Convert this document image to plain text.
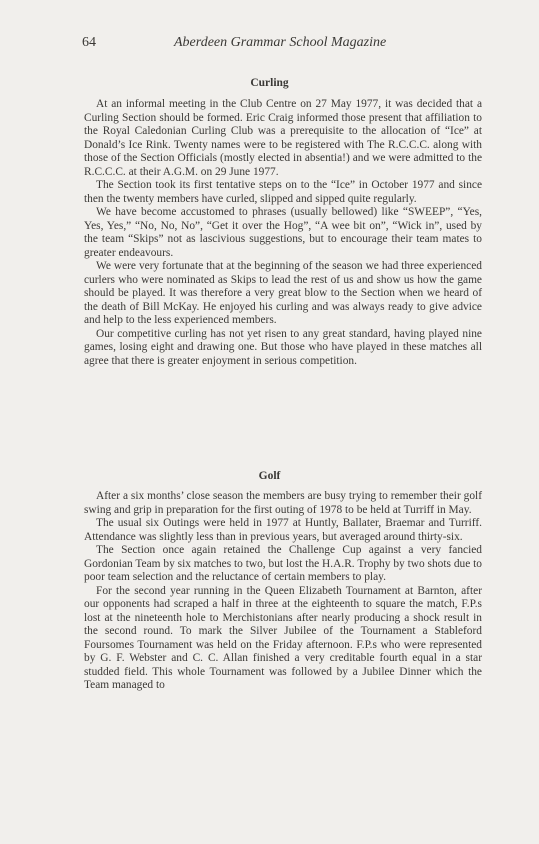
64	Aberdeen Grammar School Magazine
Curling

At an informal meeting in the Club Centre on 27 May 1977, it was decided that a Curling Section should be formed. Eric Craig informed those present that affiliation to the Royal Caledonian Curling Club was a prerequisite to the allocation of “Ice” at Donald’s Ice Rink. Twenty names were to be registered with The R.C.C.C. along with those of the Section Officials (mostly elected in absentia!) and we were admitted to the R.C.C.C. at their A.G.M. on 29 June 1977.

The Section took its first tentative steps on to the “Ice” in October 1977 and since then the twenty members have curled, slipped and sipped quite regularly.

We have become accustomed to phrases (usually bellowed) like “SWEEP”, “Yes, Yes, Yes,” “No, No, No”, “Get it over the Hog”, “A wee bit on”, “Wick in”, used by the team “Skips” not as lascivious suggestions, but to encourage their team mates to greater endeavours.

We were very fortunate that at the beginning of the season we had three experienced curlers who were nominated as Skips to lead the rest of us and show us how the game should be played. It was therefore a very great blow to the Section when we heard of the death of Bill McKay. He enjoyed his curling and was always ready to give advice and help to the less experienced members.

Our competitive curling has not yet risen to any great standard, having played nine games, losing eight and drawing one. But those who have played in these matches all agree that there is greater enjoyment in serious competition.

Golf

After a six months’ close season the members are busy trying to remember their golf swing and grip in preparation for the first outing of 1978 to be held at Turriff in May.

The usual six Outings were held in 1977 at Huntly, Ballater, Braemar and Turriff. Attendance was slightly less than in previous years, but averaged around thirty-six.

The Section once again retained the Challenge Cup against a very fancied Gordonian Team by six matches to two, but lost the H.A.R. Trophy by two shots due to poor team selection and the reluctance of certain members to play.

For the second year running in the Queen Elizabeth Tournament at Barnton, after our opponents had scraped a half in three at the eighteenth to square the match, F.P.s lost at the nineteenth hole to Merchistonians after nearly producing a shock result in the second round. To mark the Silver Jubilee of the Tournament a Stableford Foursomes Tournament was held on the Friday afternoon. F.P.s who were represented by G. F. Webster and C. C. Allan finished a very creditable fourth equal in a star studded field. This whole Tournament was followed by a Jubilee Dinner which the Team managed to
